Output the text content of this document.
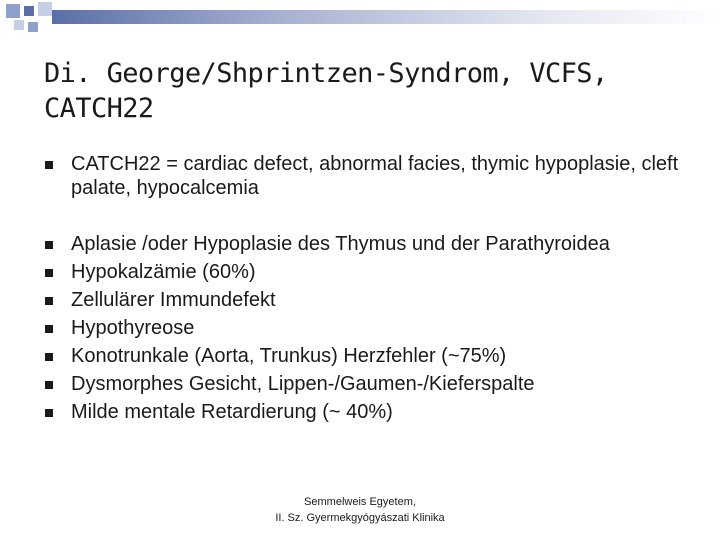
Di. George/Shprintzen-Syndrom, VCFS,
CATCH22
CATCH22 = cardiac defect, abnormal facies, thymic hypoplasie, cleft palate, hypocalcemia
Aplasie /oder Hypoplasie des Thymus und der Parathyroidea
Hypokalzämie (60%)
Zellulärer Immundefekt
Hypothyreose
Konotrunkale (Aorta, Trunkus) Herzfehler (~75%)
Dysmorphes Gesicht, Lippen-/Gaumen-/Kieferspalte
Milde mentale Retardierung (~ 40%)
Semmelweis Egyetem,
II. Sz. Gyermekgyógyászati Klinika
